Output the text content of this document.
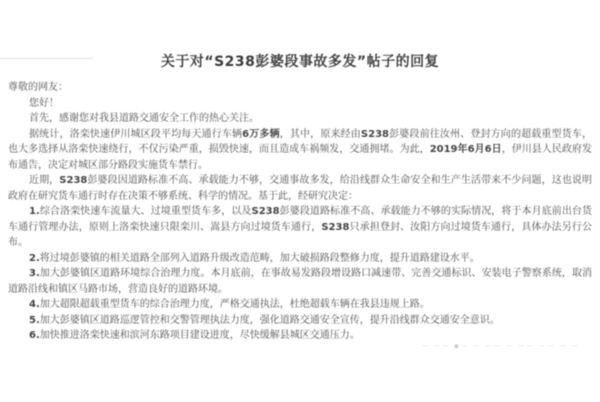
关于对“S238彭婆段事故多发”帖子的回复

尊敬的网友：

您好！

首先，感谢您对我县道路交通安全工作的热心关注。

据统计，洛栾快速伊川城区段平均每天通行车辆6万多辆，其中，原来经由S238彭婆段前往汝州、登封方向的超载重型货车，也大多选择从洛栾快速绕行，不仅污染严重，损毁快速，而且造成车祸频发，交通拥堵。为此，2019年6月6日，伊川县人民政府发布通告，决定对城区部分路段实施货车禁行。

近期，S238彭婆段因道路标准不高、承载能力不够，交通事故多发，给沿线群众生命安全和生产生活带来不少问题，这也说明政府在研究货车通行时存在决策不够系统、科学的情况。基于此，经研究决定：

1.综合洛栾快速车流量大、过境重型货车多，以及S238彭婆段道路标准不高、承载能力不够的实际情况，将于本月底前出台货车通行管理办法，原则上洛栾快速只限栾川、嵩县方向过境货车通行，S238只承担登封、汝阳方向过境货车通行，具体办法另行公布。

2.将过境彭婆镇的相关道路全部列入道路升级改造范畴，加大破损路段整修力度，提升道路建设水平。

3.加大彭婆镇区道路环境综合治理力度。本月底前，在事故易发路段增设路口减速带、完善交通标识、安装电子警察系统，取消道路沿线和镇区马路市场，营造良好的道路环境。

4.加大超限超载重型货车的综合治理力度，严格交通执法，杜绝超载车辆在我县违规上路。

5.加大彭婆镇区道路巡逻管控和交警管理执法力度，强化道路交通安全宣传，提升沿线群众交通安全意识。

6.加快推进洛栾快速和滨河东路项目建设进度，尽快缓解县城区交通压力。

－ －－ ▪－ － －－ － －－ －－ － －
